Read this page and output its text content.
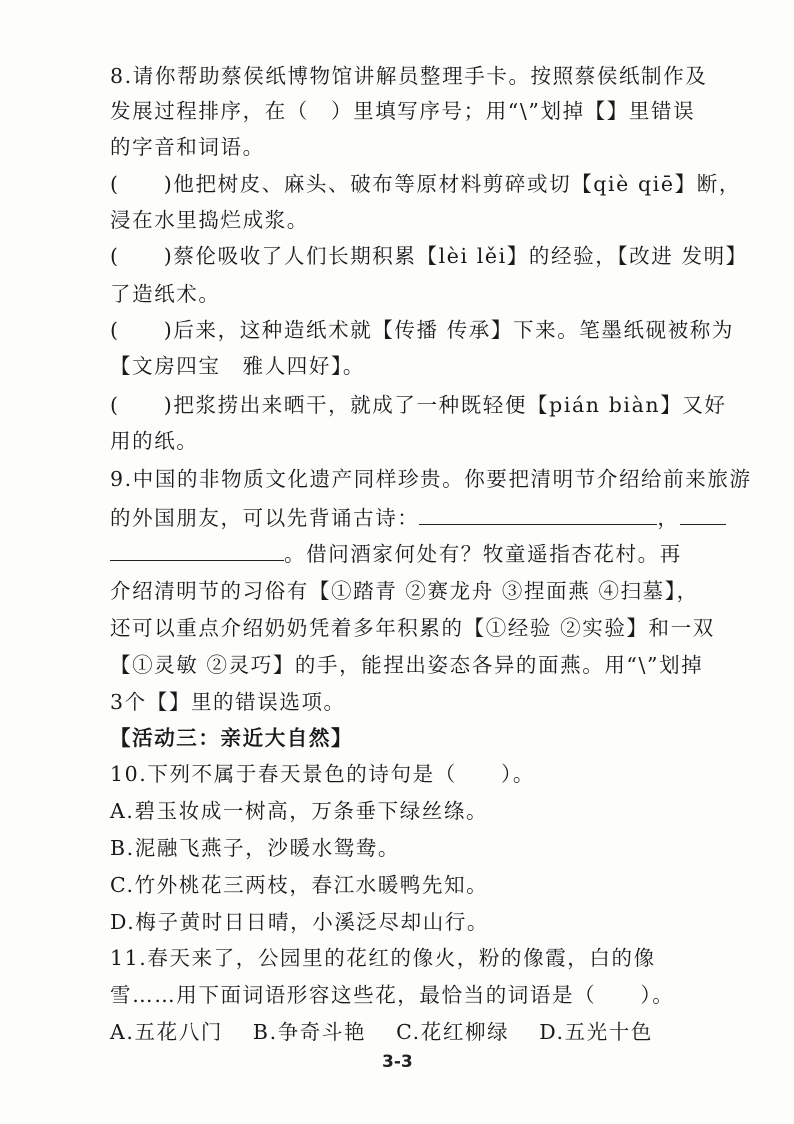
8.请你帮助蔡侯纸博物馆讲解员整理手卡。按照蔡侯纸制作及
发展过程排序，在（　）里填写序号；用“\”划掉【】里错误
的字音和词语。
(　　)他把树皮、麻头、破布等原材料剪碎或切【qiè qiē】断，
浸在水里捣烂成浆。
(　　)蔡伦吸收了人们长期积累【lèi lěi】的经验，【改进 发明】
了造纸术。
(　　)后来，这种造纸术就【传播 传承】下来。笔墨纸砚被称为
【文房四宝　雅人四好】。
(　　)把浆捞出来晒干，就成了一种既轻便【pián biàn】又好
用的纸。
9.中国的非物质文化遗产同样珍贵。你要把清明节介绍给前来旅游
的外国朋友，可以先背诵古诗：	，
。借问酒家何处有？牧童遥指杏花村。再
介绍清明节的习俗有【①踏青 ②赛龙舟 ③捏面燕 ④扫墓】，
还可以重点介绍奶奶凭着多年积累的【①经验 ②实验】和一双
【①灵敏 ②灵巧】的手，能捏出姿态各异的面燕。用“\”划掉
3个【】里的错误选项。
【活动三：亲近大自然】
10.下列不属于春天景色的诗句是（　　）。
A.碧玉妆成一树高，万条垂下绿丝绦。
B.泥融飞燕子，沙暖水鸳鸯。
C.竹外桃花三两枝，春江水暖鸭先知。
D.梅子黄时日日晴，小溪泛尽却山行。
11.春天来了，公园里的花红的像火，粉的像霞，白的像
雪……用下面词语形容这些花，最恰当的词语是（　　）。
A.五花八门 B.争奇斗艳 C.花红柳绿 D.五光十色
3-3
